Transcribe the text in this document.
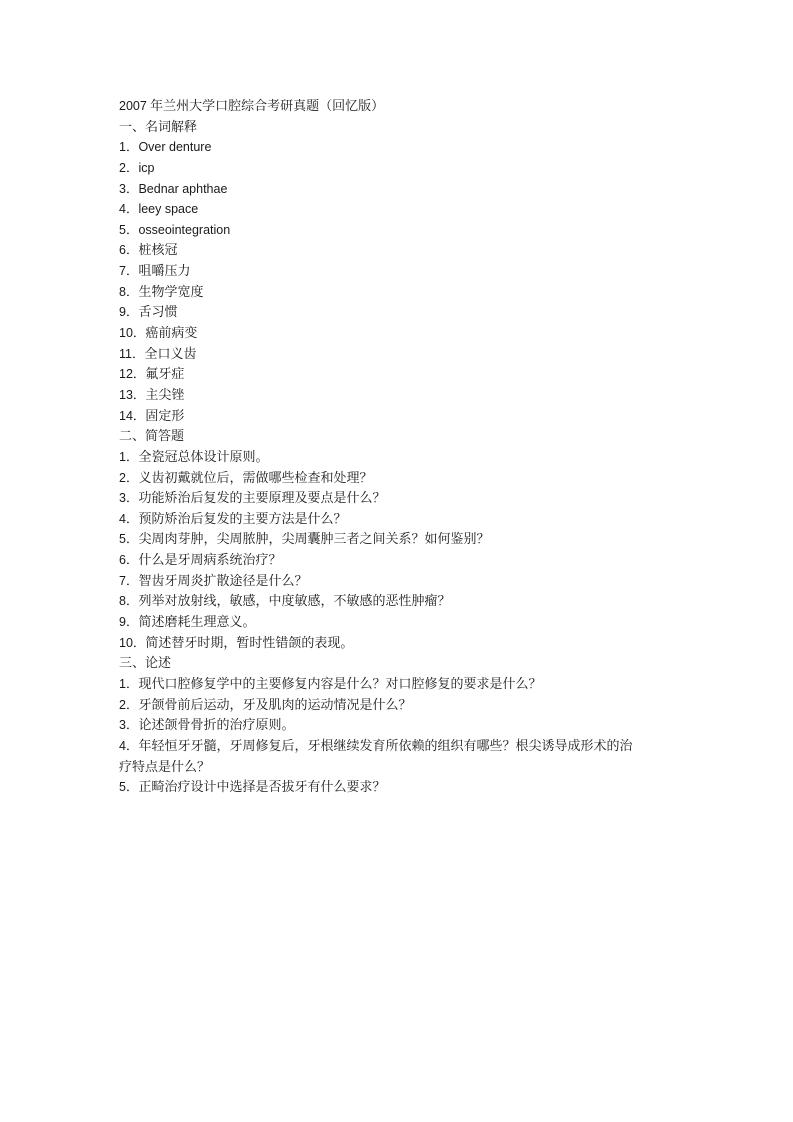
2007 年兰州大学口腔综合考研真题（回忆版）
一、名词解释
1．Over denture
2．icp
3．Bednar aphthae
4．leey space
5．osseointegration
6．桩核冠
7．咀嚼压力
8．生物学宽度
9．舌习惯
10．癌前病变
11．全口义齿
12．氟牙症
13．主尖锉
14．固定形
二、简答题
1．全瓷冠总体设计原则。
2．义齿初戴就位后，需做哪些检查和处理？
3．功能矫治后复发的主要原理及要点是什么？
4．预防矫治后复发的主要方法是什么？
5．尖周肉芽肿，尖周脓肿，尖周囊肿三者之间关系？如何鉴别？
6．什么是牙周病系统治疗？
7．智齿牙周炎扩散途径是什么？
8．列举对放射线，敏感，中度敏感，不敏感的恶性肿瘤？
9．简述磨耗生理意义。
10．简述替牙时期，暂时性错颌的表现。
三、论述
1．现代口腔修复学中的主要修复内容是什么？对口腔修复的要求是什么？
2．牙颌骨前后运动，牙及肌肉的运动情况是什么？
3．论述颌骨骨折的治疗原则。
4．年轻恒牙牙髓，牙周修复后，牙根继续发育所依赖的组织有哪些？根尖诱导成形术的治
疗特点是什么？
5．正畸治疗设计中选择是否拔牙有什么要求？
